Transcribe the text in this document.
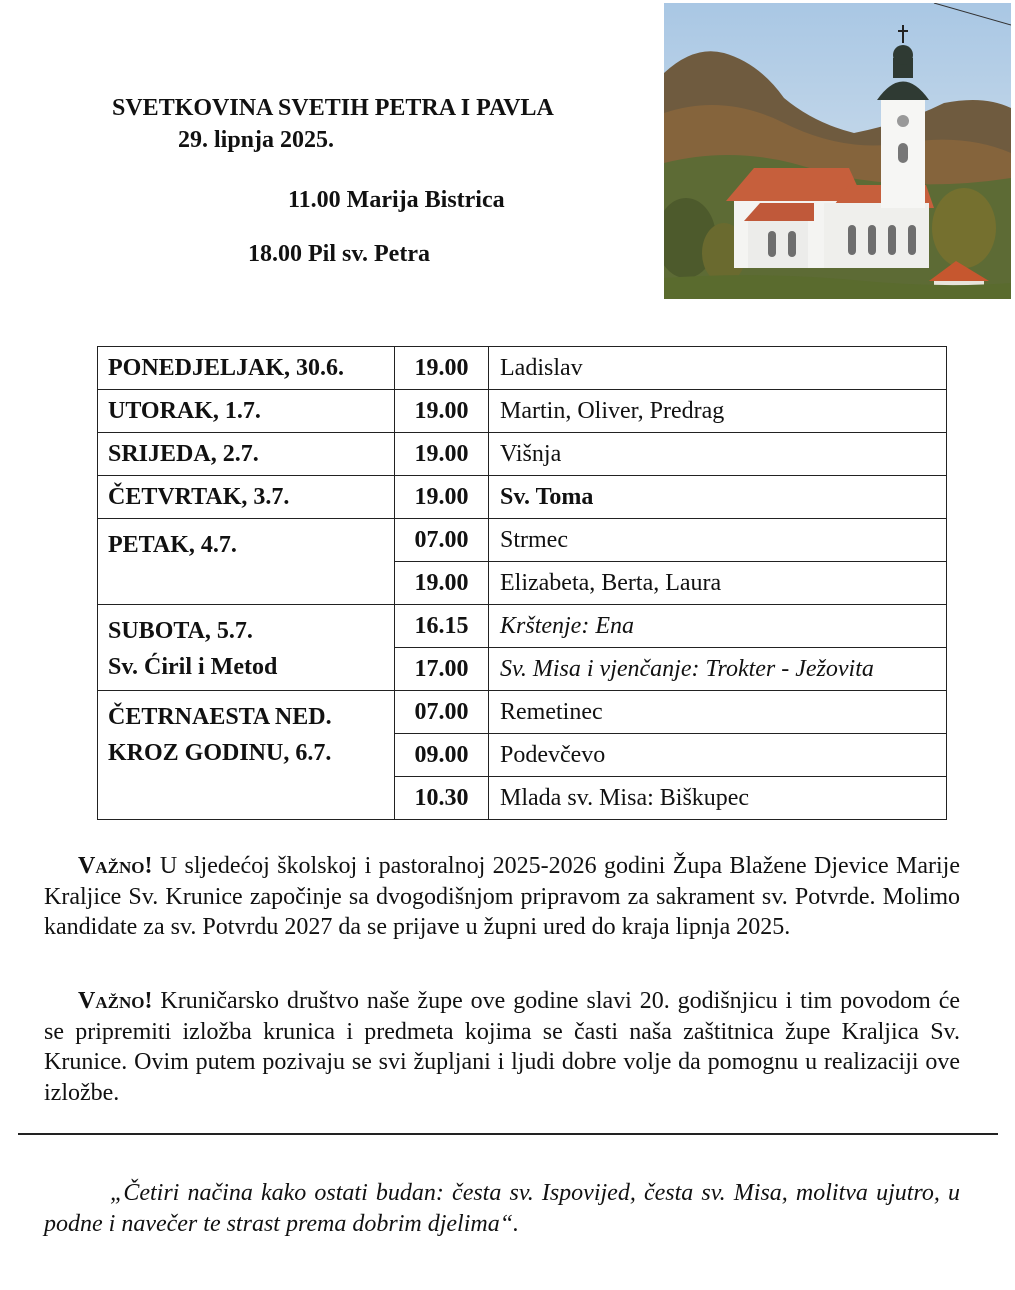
SVETKOVINA SVETIH PETRA I PAVLA
29. lipnja 2025.
11.00 Marija Bistrica
18.00 Pil sv. Petra
PONEDJELJAK, 30.6.	19.00	Ladislav
UTORAK, 1.7.	19.00	Martin, Oliver, Predrag
SRIJEDA, 2.7.	19.00	Višnja
ČETVRTAK, 3.7.	19.00	Sv. Toma

PETAK, 4.7.	07.00	Strmec
	19.00	Elizabeta, Berta, Laura

SUBOTA, 5.7.
Sv. Ćiril i Metod	16.15	Krštenje: Ena
	17.00	Sv. Misa i vjenčanje: Trokter - Ježovita

ČETRNAESTA NED.
KROZ GODINU, 6.7.	07.00	Remetinec
	09.00	Podevčevo
	10.30	Mlada sv. Misa: Biškupec

Važno! U sljedećoj školskoj i pastoralnoj 2025-2026 godini Župa Blažene Djevice Marije Kraljice Sv. Krunice započinje sa dvogodišnjom pripravom za sakrament sv. Potvrde. Molimo kandidate za sv. Potvrdu 2027 da se prijave u župni ured do kraja lipnja 2025.

Važno! Kruničarsko društvo naše župe ove godine slavi 20. godišnjicu i tim povodom će se pripremiti izložba krunica i predmeta kojima se časti naša zaštitnica župe Kraljica Sv. Krunice. Ovim putem pozivaju se svi župljani i ljudi dobre volje da pomognu u realizaciji ove izložbe.

„Četiri načina kako ostati budan: česta sv. Ispovijed, česta sv. Misa, molitva ujutro, u podne i navečer te strast prema dobrim djelima“.
